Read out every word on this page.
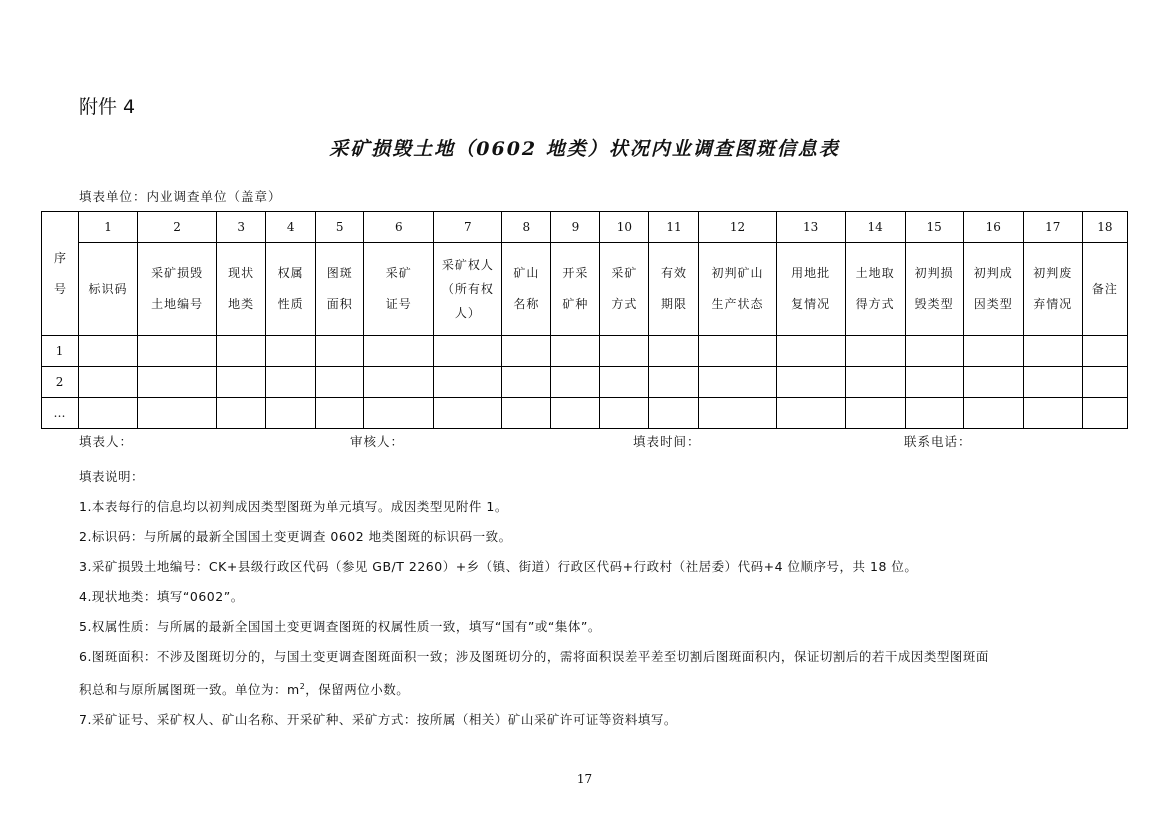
附件 4
采矿损毁土地（0602 地类）状况内业调查图斑信息表
填表单位：内业调查单位（盖章）
序号	1	2	3	4	5	6	7	8	9	10	11	12	13	14	15	16	17	18
	标识码	采矿损毁土地编号	现状地类	权属性质	图斑面积	采矿证号	采矿权人（所有权人）	矿山名称	开采矿种	采矿方式	有效期限	初判矿山生产状态	用地批复情况	土地取得方式	初判损毁类型	初判成因类型	初判废弃情况	备注
1																		
2																		
…																		
填表人：	审核人：	填表时间：	联系电话：

填表说明：

1.本表每行的信息均以初判成因类型图斑为单元填写。成因类型见附件 1。

2.标识码：与所属的最新全国国土变更调查 0602 地类图斑的标识码一致。

3.采矿损毁土地编号：CK+县级行政区代码（参见 GB/T 2260）+乡（镇、街道）行政区代码+行政村（社居委）代码+4 位顺序号，共 18 位。

4.现状地类：填写“0602”。

5.权属性质：与所属的最新全国国土变更调查图斑的权属性质一致，填写“国有”或“集体”。

6.图斑面积：不涉及图斑切分的，与国土变更调查图斑面积一致；涉及图斑切分的，需将面积误差平差至切割后图斑面积内，保证切割后的若干成因类型图斑面

积总和与原所属图斑一致。单位为：$m^2$，保留两位小数。

7.采矿证号、采矿权人、矿山名称、开采矿种、采矿方式：按所属（相关）矿山采矿许可证等资料填写。

17
